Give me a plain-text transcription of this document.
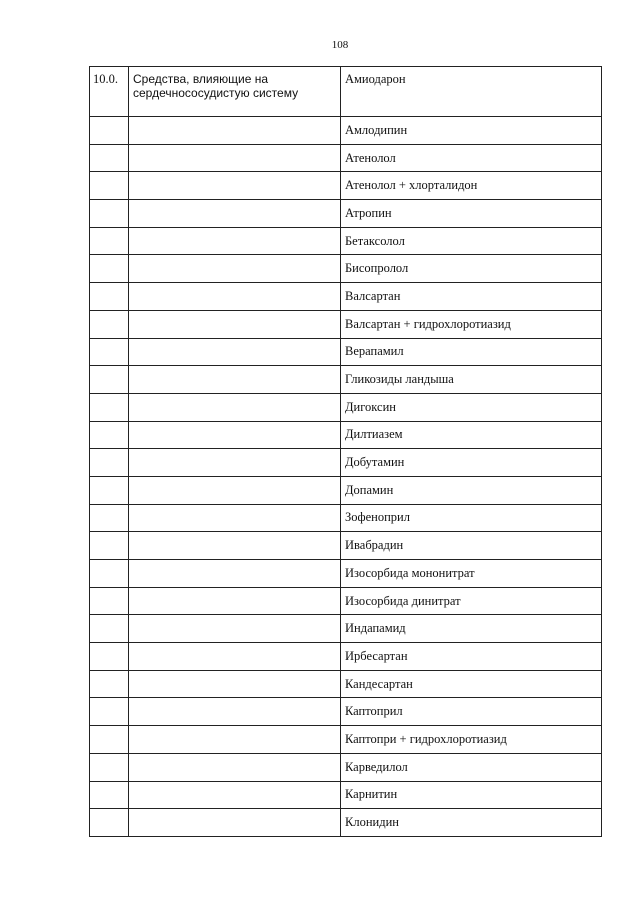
108
10.0.	Средства, влияющие на сердечнососудистую систему	Амиодарон
		Амлодипин
		Атенолол
		Атенолол + хлорталидон
		Атропин
		Бетаксолол
		Бисопролол
		Валсартан
		Валсартан + гидрохлоротиазид
		Верапамил
		Гликозиды ландыша
		Дигоксин
		Дилтиазем
		Добутамин
		Допамин
		Зофеноприл
		Ивабрадин
		Изосорбида мононитрат
		Изосорбида динитрат
		Индапамид
		Ирбесартан
		Кандесартан
		Каптоприл
		Каптопри + гидрохлоротиазид
		Карведилол
		Карнитин
		Клонидин
